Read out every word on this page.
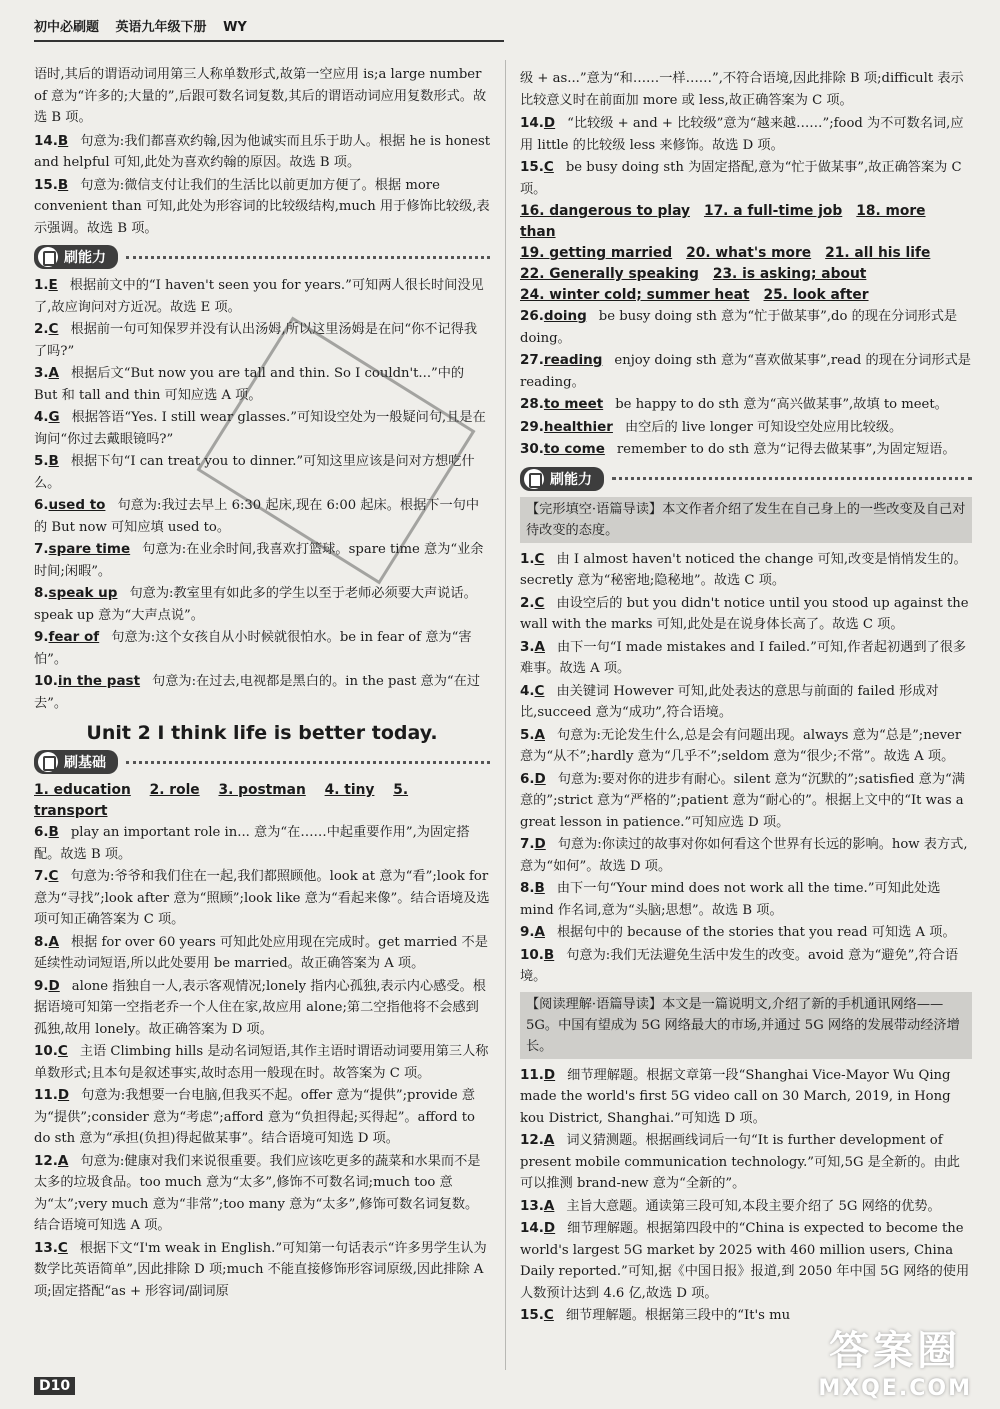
初中必刷题 英语九年级下册 WY

语时,其后的谓语动词用第三人称单数形式,故第一空应用 is;a large number of 意为“许多的;大量的”,后跟可数名词复数,其后的谓语动词应用复数形式。故选 B 项。

14.B 句意为:我们都喜欢约翰,因为他诚实而且乐于助人。根据 he is honest and helpful 可知,此处为喜欢约翰的原因。故选 B 项。

15.B 句意为:微信支付让我们的生活比以前更加方便了。根据 more convenient than 可知,此处为形容词的比较级结构,much 用于修饰比较级,表示强调。故选 B 项。

刷能力

1.E 根据前文中的“I haven't seen you for years.”可知两人很长时间没见了,故应询问对方近况。故选 E 项。

2.C 根据前一句可知保罗并没有认出汤姆,所以这里汤姆是在问“你不记得我了吗?”

3.A 根据后文“But now you are tall and thin. So I couldn't...”中的 But 和 tall and thin 可知应选 A 项。

4.G 根据答语“Yes. I still wear glasses.”可知设空处为一般疑问句,且是在询问“你过去戴眼镜吗?”

5.B 根据下句“I can treat you to dinner.”可知这里应该是问对方想吃什么。

6.used to 句意为:我过去早上 6:30 起床,现在 6:00 起床。根据下一句中的 But now 可知应填 used to。

7.spare time 句意为:在业余时间,我喜欢打篮球。spare time 意为“业余时间;闲暇”。

8.speak up 句意为:教室里有如此多的学生以至于老师必须要大声说话。speak up 意为“大声点说”。

9.fear of 句意为:这个女孩自从小时候就很怕水。be in fear of 意为“害怕”。

10.in the past 句意为:在过去,电视都是黑白的。in the past 意为“在过去”。

Unit 2 I think life is better today.
刷基础
1. education 2. role 3. postman 4. tiny 5. transport

6.B play an important role in... 意为“在……中起重要作用”,为固定搭配。故选 B 项。

7.C 句意为:爷爷和我们住在一起,我们都照顾他。look at 意为“看”;look for 意为“寻找”;look after 意为“照顾”;look like 意为“看起来像”。结合语境及选项可知正确答案为 C 项。

8.A 根据 for over 60 years 可知此处应用现在完成时。get married 不是延续性动词短语,所以此处要用 be married。故正确答案为 A 项。

9.D alone 指独自一人,表示客观情况;lonely 指内心孤独,表示内心感受。根据语境可知第一空指老乔一个人住在家,故应用 alone;第二空指他将不会感到孤独,故用 lonely。故正确答案为 D 项。

10.C 主语 Climbing hills 是动名词短语,其作主语时谓语动词要用第三人称单数形式;且本句是叙述事实,故时态用一般现在时。故答案为 C 项。

11.D 句意为:我想要一台电脑,但我买不起。offer 意为“提供”;provide 意为“提供”;consider 意为“考虑”;afford 意为“负担得起;买得起”。afford to do sth 意为“承担(负担)得起做某事”。结合语境可知选 D 项。

12.A 句意为:健康对我们来说很重要。我们应该吃更多的蔬菜和水果而不是太多的垃圾食品。too much 意为“太多”,修饰不可数名词;much too 意为“太”;very much 意为“非常”;too many 意为“太多”,修饰可数名词复数。结合语境可知选 A 项。

13.C 根据下文“I'm weak in English.”可知第一句话表示“许多男学生认为数学比英语简单”,因此排除 D 项;much 不能直接修饰形容词原级,因此排除 A 项;固定搭配“as + 形容词/副词原

级 + as...”意为“和……一样……”,不符合语境,因此排除 B 项;difficult 表示比较意义时在前面加 more 或 less,故正确答案为 C 项。

14.D “比较级 + and + 比较级”意为“越来越……”;food 为不可数名词,应用 little 的比较级 less 来修饰。故选 D 项。

15.C be busy doing sth 为固定搭配,意为“忙于做某事”,故正确答案为 C 项。

16. dangerous to play 17. a full-time job 18. more than
19. getting married 20. what's more 21. all his life
22. Generally speaking 23. is asking; about
24. winter cold; summer heat 25. look after

26.doing be busy doing sth 意为“忙于做某事”,do 的现在分词形式是 doing。

27.reading enjoy doing sth 意为“喜欢做某事”,read 的现在分词形式是 reading。

28.to meet be happy to do sth 意为“高兴做某事”,故填 to meet。

29.healthier 由空后的 live longer 可知设空处应用比较级。

30.to come remember to do sth 意为“记得去做某事”,为固定短语。

刷能力
【完形填空·语篇导读】本文作者介绍了发生在自己身上的一些改变及自己对待改变的态度。

1.C 由 I almost haven't noticed the change 可知,改变是悄悄发生的。secretly 意为“秘密地;隐秘地”。故选 C 项。

2.C 由设空后的 but you didn't notice until you stood up against the wall with the marks 可知,此处是在说身体长高了。故选 C 项。

3.A 由下一句“I made mistakes and I failed.”可知,作者起初遇到了很多难事。故选 A 项。

4.C 由关键词 However 可知,此处表达的意思与前面的 failed 形成对比,succeed 意为“成功”,符合语境。

5.A 句意为:无论发生什么,总是会有问题出现。always 意为“总是”;never 意为“从不”;hardly 意为“几乎不”;seldom 意为“很少;不常”。故选 A 项。

6.D 句意为:要对你的进步有耐心。silent 意为“沉默的”;satisfied 意为“满意的”;strict 意为“严格的”;patient 意为“耐心的”。根据上文中的“It was a great lesson in patience.”可知应选 D 项。

7.D 句意为:你读过的故事对你如何看这个世界有长远的影响。how 表方式,意为“如何”。故选 D 项。

8.B 由下一句“Your mind does not work all the time.”可知此处选 mind 作名词,意为“头脑;思想”。故选 B 项。

9.A 根据句中的 because of the stories that you read 可知选 A 项。

10.B 句意为:我们无法避免生活中发生的改变。avoid 意为“避免”,符合语境。

【阅读理解·语篇导读】本文是一篇说明文,介绍了新的手机通讯网络——5G。中国有望成为 5G 网络最大的市场,并通过 5G 网络的发展带动经济增长。

11.D 细节理解题。根据文章第一段“Shanghai Vice-Mayor Wu Qing made the world's first 5G video call on 30 March, 2019, in Hong kou District, Shanghai.”可知选 D 项。

12.A 词义猜测题。根据画线词后一句“It is further development of present mobile communication technology.”可知,5G 是全新的。由此可以推测 brand-new 意为“全新的”。

13.A 主旨大意题。通读第三段可知,本段主要介绍了 5G 网络的优势。

14.D 细节理解题。根据第四段中的“China is expected to become the world's largest 5G market by 2025 with 460 million users, China Daily reported.”可知,据《中国日报》报道,到 2050 年中国 5G 网络的使用人数预计达到 4.6 亿,故选 D 项。

15.C 细节理解题。根据第三段中的“It's mu

D10
答案圈
MXQE.COM
